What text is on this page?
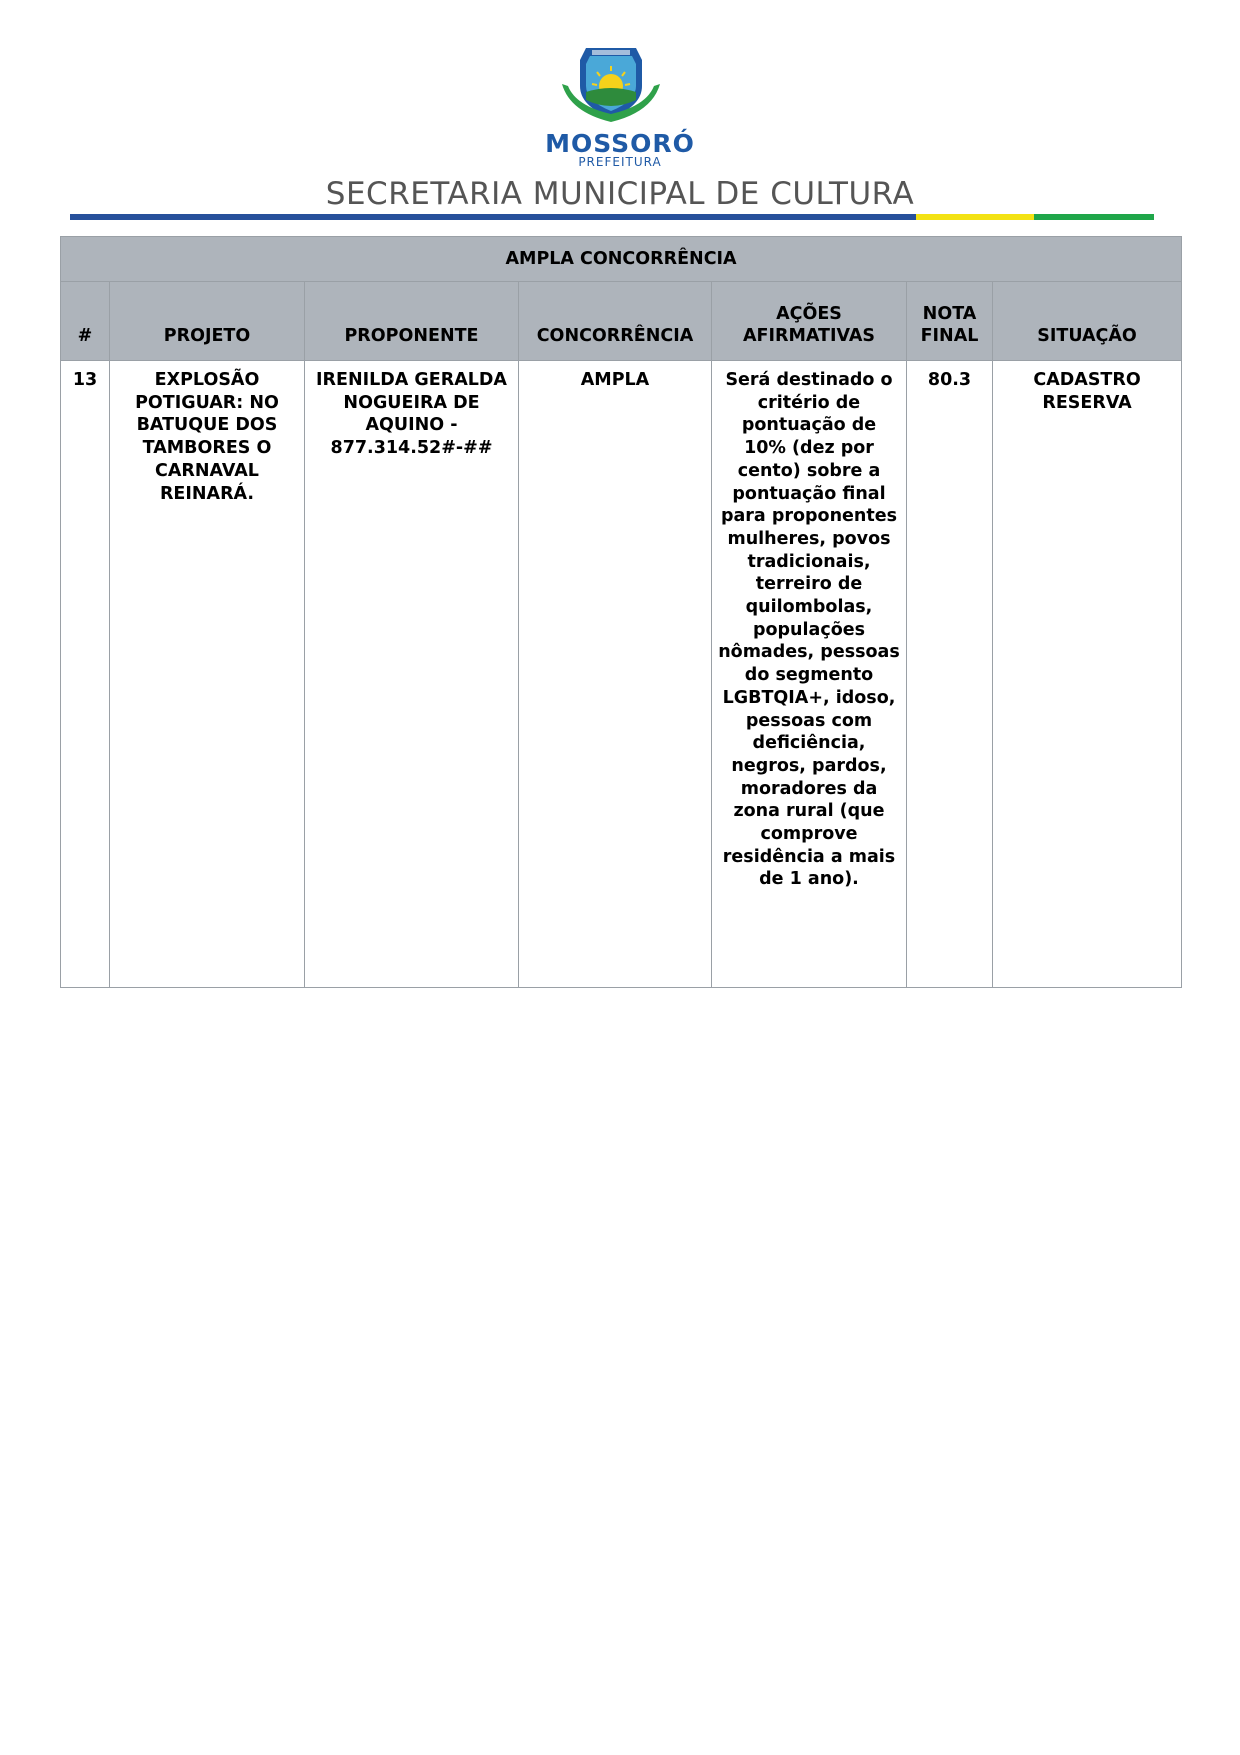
MOSSORÓ
PREFEITURA
SECRETARIA MUNICIPAL DE CULTURA
AMPLA CONCORRÊNCIA						
#	PROJETO	PROPONENTE	CONCORRÊNCIA	AÇÕES AFIRMATIVAS	NOTA FINAL	SITUAÇÃO
13	EXPLOSÃO POTIGUAR: NO BATUQUE DOS TAMBORES O CARNAVAL REINARÁ.	IRENILDA GERALDA NOGUEIRA DE AQUINO - 877.314.52#-##	AMPLA	Será destinado o critério de pontuação de 10% (dez por cento) sobre a pontuação final para proponentes mulheres, povos tradicionais, terreiro de quilombolas, populações nômades, pessoas do segmento LGBTQIA+, idoso, pessoas com deficiência, negros, pardos, moradores da zona rural (que comprove residência a mais de 1 ano).	80.3	CADASTRO RESERVA
